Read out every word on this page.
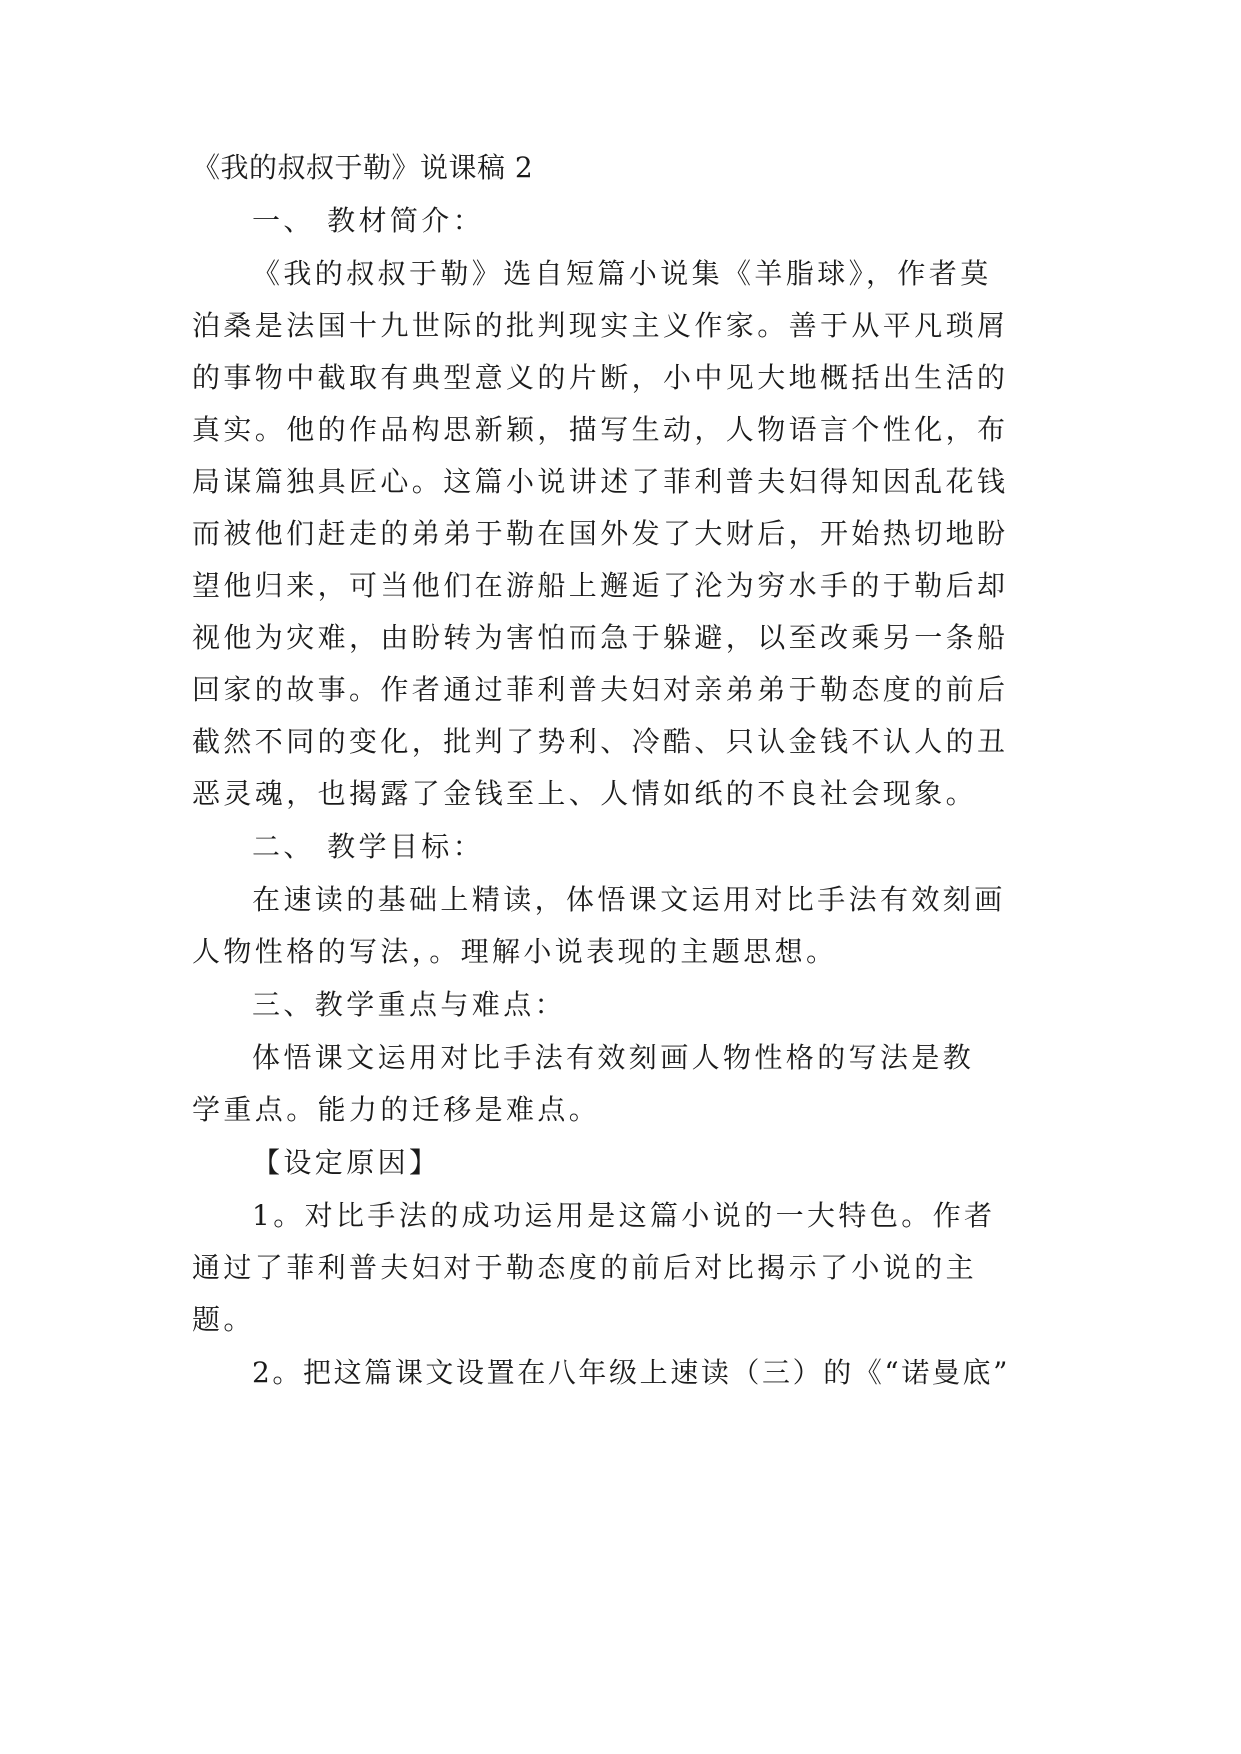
《我的叔叔于勒》说课稿 2
一、 教材简介：
《我的叔叔于勒》选自短篇小说集《羊脂球》，作者莫
泊桑是法国十九世际的批判现实主义作家。善于从平凡琐屑
的事物中截取有典型意义的片断，小中见大地概括出生活的
真实。他的作品构思新颖，描写生动，人物语言个性化，布
局谋篇独具匠心。这篇小说讲述了菲利普夫妇得知因乱花钱
而被他们赶走的弟弟于勒在国外发了大财后，开始热切地盼
望他归来，可当他们在游船上邂逅了沦为穷水手的于勒后却
视他为灾难，由盼转为害怕而急于躲避，以至改乘另一条船
回家的故事。作者通过菲利普夫妇对亲弟弟于勒态度的前后
截然不同的变化，批判了势利、冷酷、只认金钱不认人的丑
恶灵魂，也揭露了金钱至上、人情如纸的不良社会现象。
二、 教学目标：
在速读的基础上精读，体悟课文运用对比手法有效刻画
人物性格的写法，。理解小说表现的主题思想。
三、教学重点与难点：
体悟课文运用对比手法有效刻画人物性格的写法是教
学重点。能力的迁移是难点。
【设定原因】
1。对比手法的成功运用是这篇小说的一大特色。作者
通过了菲利普夫妇对于勒态度的前后对比揭示了小说的主
题。
2。把这篇课文设置在八年级上速读（三）的《“诺曼底”
